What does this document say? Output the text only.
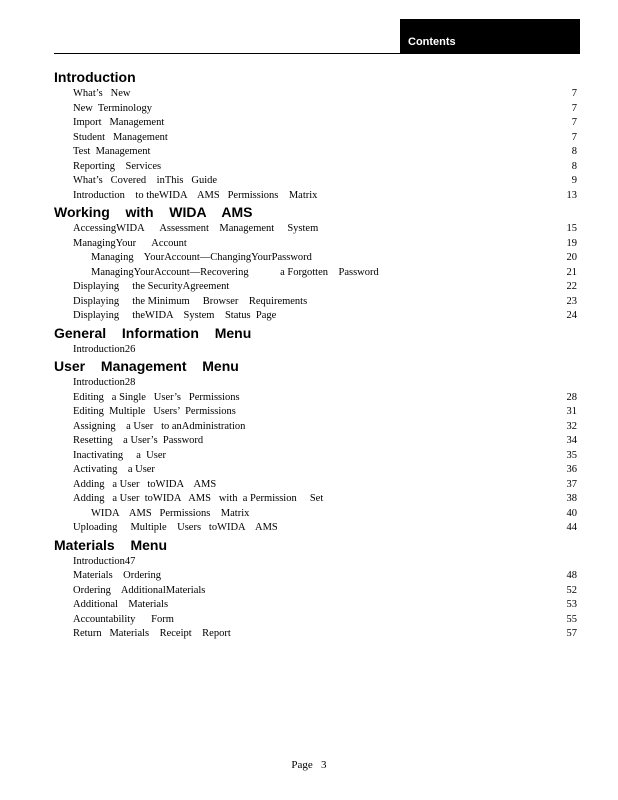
Contents
Introduction
What’s   New	7
New  Terminology	7
Import   Management	7
Student   Management	7
Test  Management	8
Reporting    Services	8
What’s   Covered    inThis   Guide	9
Introduction    to theWIDA    AMS   Permissions    Matrix	13
Working  with  WIDA  AMS
AccessingWIDA      Assessment    Management     System	15
ManagingYour      Account	19
Managing    YourAccount—ChangingYourPassword	20
ManagingYourAccount—Recovering            a Forgotten    Password	21
Displaying     the SecurityAgreement	22
Displaying     the Minimum     Browser    Requirements	23
Displaying     theWIDA    System    Status  Page	24
General  Information  Menu
Introduction26
User  Management  Menu
Introduction28
Editing   a Single   User’s   Permissions	28
Editing  Multiple   Users’  Permissions	31
Assigning    a User   to anAdministration	32
Resetting    a User’s  Password	34
Inactivating     a  User	35
Activating    a User	36
Adding   a User   toWIDA    AMS	37
Adding   a User  toWIDA   AMS   with  a Permission     Set	38
WIDA    AMS   Permissions    Matrix	40
Uploading     Multiple    Users   toWIDA    AMS	44
Materials  Menu
Introduction47
Materials    Ordering	48
Ordering    AdditionalMaterials	52
Additional    Materials	53
Accountability      Form	55
Return   Materials    Receipt    Report	57
Page   3
